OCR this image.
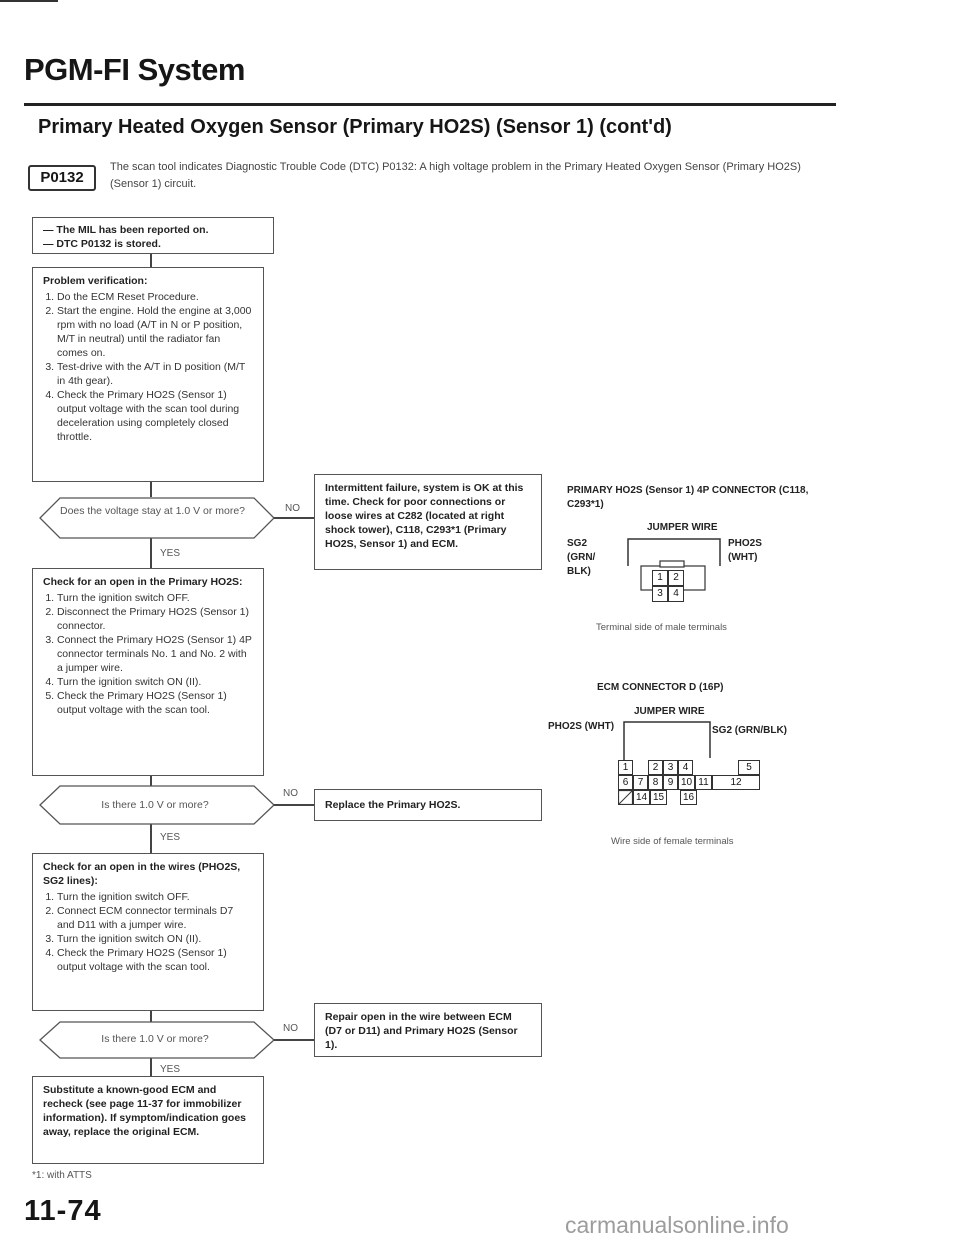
PGM-FI System
Primary Heated Oxygen Sensor (Primary HO2S) (Sensor 1) (cont'd)
P0132
The scan tool indicates Diagnostic Trouble Code (DTC) P0132: A high voltage problem in the Primary Heated Oxygen Sensor (Primary HO2S) (Sensor 1) circuit.
— The MIL has been reported on.
— DTC P0132 is stored.
Problem verification:
1. Do the ECM Reset Procedure.
2. Start the engine. Hold the engine at 3,000 rpm with no load (A/T in N or P position, M/T in neutral) until the radiator fan comes on.
3. Test-drive with the A/T in D position (M/T in 4th gear).
4. Check the Primary HO2S (Sensor 1) output voltage with the scan tool during deceleration using completely closed throttle.
Does the voltage stay at 1.0 V or more?	NO
YES
Intermittent failure, system is OK at this time. Check for poor connections or loose wires at C282 (located at right shock tower), C118, C293*1 (Primary HO2S, Sensor 1) and ECM.
Check for an open in the Primary HO2S:
1. Turn the ignition switch OFF.
2. Disconnect the Primary HO2S (Sensor 1) connector.
3. Connect the Primary HO2S (Sensor 1) 4P connector terminals No. 1 and No. 2 with a jumper wire.
4. Turn the ignition switch ON (II).
5. Check the Primary HO2S (Sensor 1) output voltage with the scan tool.
Is there 1.0 V or more?
NO
YES
Replace the Primary HO2S.
Check for an open in the wires (PHO2S, SG2 lines):
1. Turn the ignition switch OFF.
2. Connect ECM connector terminals D7 and D11 with a jumper wire.
3. Turn the ignition switch ON (II).
4. Check the Primary HO2S (Sensor 1) output voltage with the scan tool.
Is there 1.0 V or more?
NO
YES
Repair open in the wire between ECM (D7 or D11) and Primary HO2S (Sensor 1).
Substitute a known-good ECM and recheck (see page 11-37 for immobilizer information). If symptom/indication goes away, replace the original ECM.
PRIMARY HO2S (Sensor 1) 4P CONNECTOR (C118, C293*1)
JUMPER WIRE
SG2 (GRN/ BLK)
PHO2S (WHT)
1	2
3	4
Terminal side of male terminals
ECM CONNECTOR D (16P)
JUMPER WIRE
PHO2S (WHT)	SG2 (GRN/BLK)
1	2 3 4	5
6 7 8 9 10 11	12
14 15 16
Wire side of female terminals
*1: with ATTS
11-74	carmanualsonline.info
